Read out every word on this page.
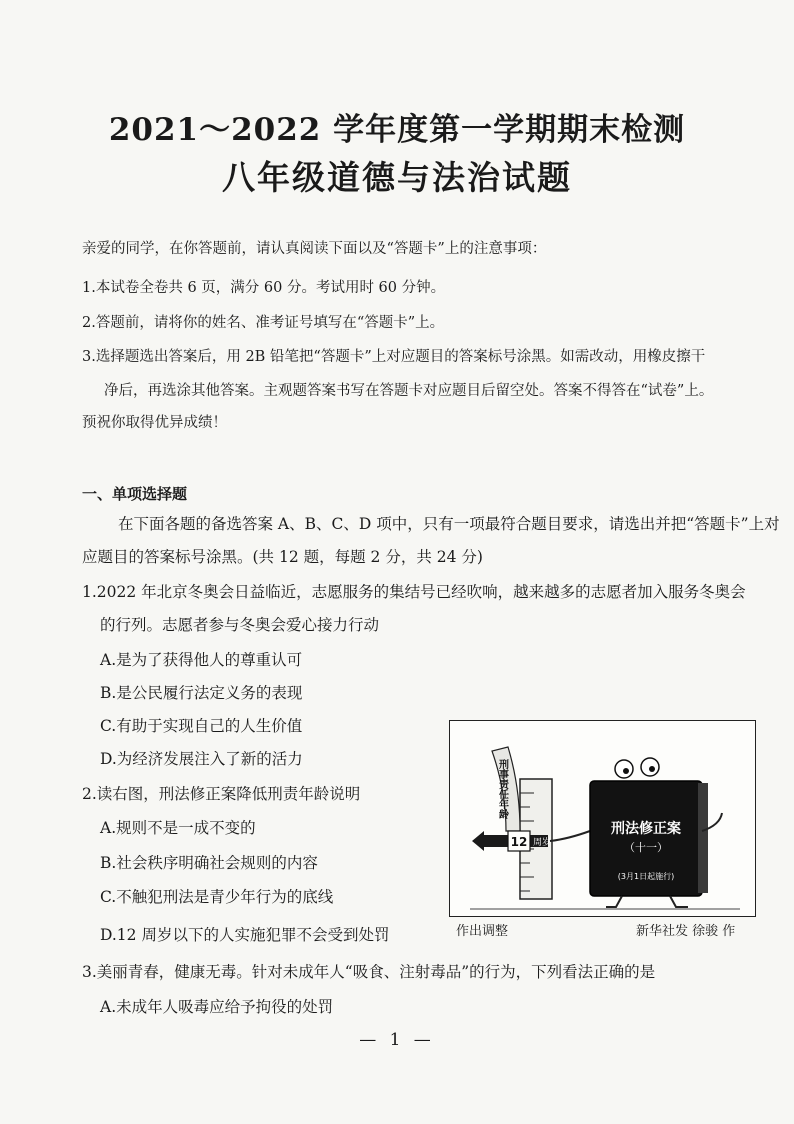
2021～2022 学年度第一学期期末检测
八年级道德与法治试题
亲爱的同学，在你答题前，请认真阅读下面以及“答题卡”上的注意事项：
1.本试卷全卷共 6 页，满分 60 分。考试用时 60 分钟。
2.答题前，请将你的姓名、准考证号填写在“答题卡”上。
3.选择题选出答案后，用 2B 铅笔把“答题卡”上对应题目的答案标号涂黑。如需改动，用橡皮擦干
净后，再选涂其他答案。主观题答案书写在答题卡对应题目后留空处。答案不得答在“试卷”上。
预祝你取得优异成绩！
一、单项选择题
在下面各题的备选答案 A、B、C、D 项中，只有一项最符合题目要求，请选出并把“答题卡”上对
应题目的答案标号涂黑。(共 12 题，每题 2 分，共 24 分)
1.2022 年北京冬奥会日益临近，志愿服务的集结号已经吹响，越来越多的志愿者加入服务冬奥会
的行列。志愿者参与冬奥会爱心接力行动
A.是为了获得他人的尊重认可
B.是公民履行法定义务的表现
C.有助于实现自己的人生价值
D.为经济发展注入了新的活力
2.读右图，刑法修正案降低刑责年龄说明
A.规则不是一成不变的
B.社会秩序明确社会规则的内容
C.不触犯刑法是青少年行为的底线
D.12 周岁以下的人实施犯罪不会受到处罚
3.美丽青春，健康无毒。针对未成年人“吸食、注射毒品”的行为，下列看法正确的是
A.未成年人吸毒应给予拘役的处罚
刑事责任年龄
12 周岁
刑法修正案
（十一）
(3月1日起施行)
作出调整	新华社发 徐骏 作
— 1 —
